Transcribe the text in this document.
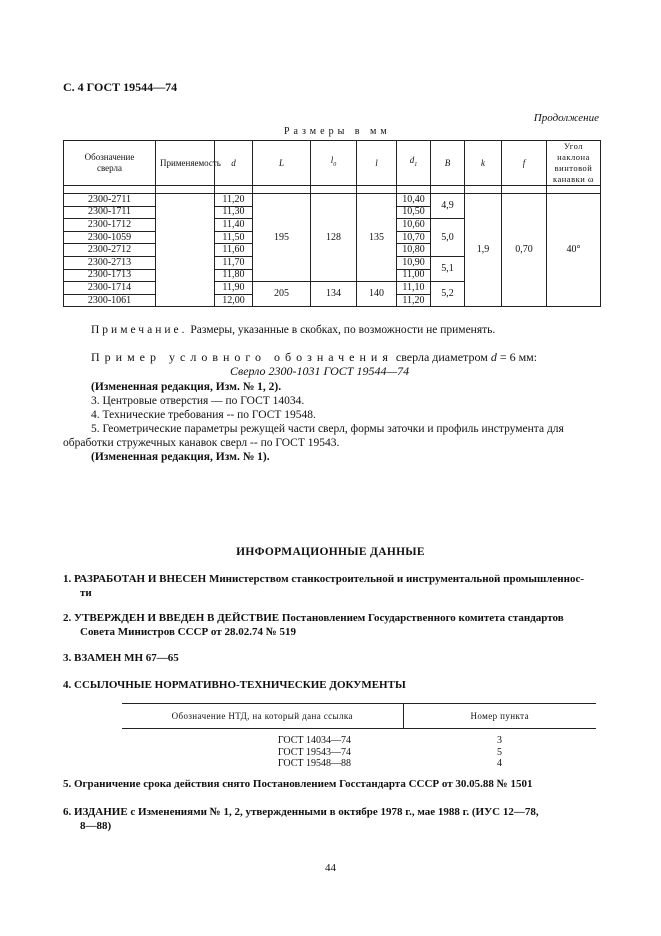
С. 4 ГОСТ 19544—74
Продолжение
Размеры в мм
Обозначение сверла	Применяемость	d	L	$l_0$	l	$d_1$	B	k	f	Угол наклона винтовой канавки ω

2300-2711		11,20	195	128	135	10,40	4,9	1,9	0,70	40°
2300-1711		11,30				10,50				
2300-1712		11,40				10,60	5,0			
2300-1059		11,50				10,70				
2300-2712		11,60				10,80				
2300-2713		11,70				10,90	5,1			
2300-1713		11,80				11,00				
2300-1714		11,90	205	134	140	11,10	5,2			
2300-1061		12,00				11,20				

Примечание. Размеры, указанные в скобках, по возможности не применять.

Пример условного обозначения сверла диаметром d = 6 мм:

Сверло 2300-1031 ГОСТ 19544—74

(Измененная редакция, Изм. № 1, 2).

3. Центровые отверстия — по ГОСТ 14034.

4. Технические требования -- по ГОСТ 19548.

5. Геометрические параметры режущей части сверл, формы заточки и профиль инструмента для

обработки стружечных канавок сверл -- по ГОСТ 19543.

(Измененная редакция, Изм. № 1).

ИНФОРМАЦИОННЫЕ ДАННЫЕ

1. РАЗРАБОТАН И ВНЕСЕН Министерством станкостроительной и инструментальной промышленнос-

ти

2. УТВЕРЖДЕН И ВВЕДЕН В ДЕЙСТВИЕ Постановлением Государственного комитета стандартов

Совета Министров СССР от 28.02.74 № 519

3. ВЗАМЕН МН 67—65

4. ССЫЛОЧНЫЕ НОРМАТИВНО-ТЕХНИЧЕСКИЕ ДОКУМЕНТЫ

Обозначение НТД, на который дана ссылка	Номер пункта

ГОСТ 14034—74	3
ГОСТ 19543—74	5
ГОСТ 19548—88	4

5. Ограничение срока действия снято Постановлением Госстандарта СССР от 30.05.88 № 1501

6. ИЗДАНИЕ с Изменениями № 1, 2, утвержденными в октябре 1978 г., мае 1988 г. (ИУС 12—78,

8—88)

44
